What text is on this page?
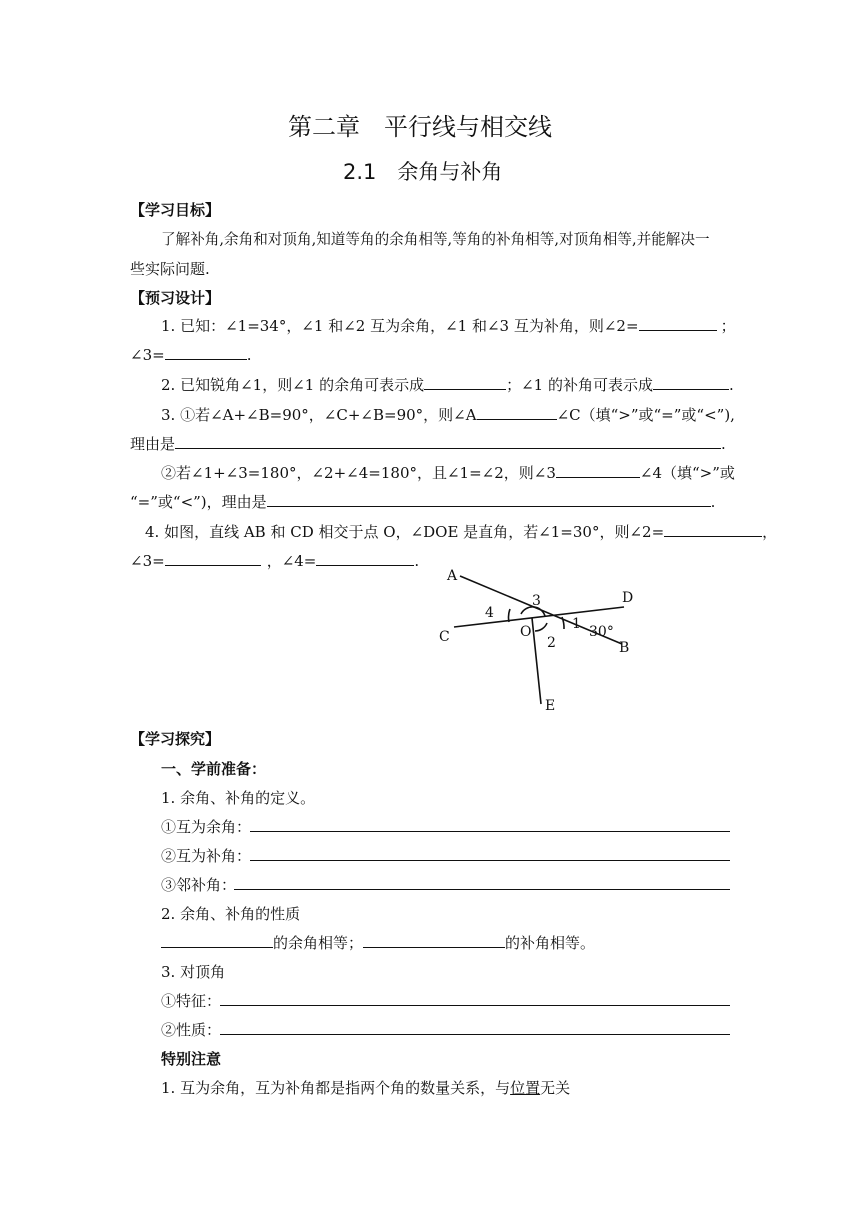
第二章　平行线与相交线
2.1　余角与补角
【学习目标】
了解补角,余角和对顶角,知道等角的余角相等,等角的补角相等,对顶角相等,并能解决一
些实际问题.
【预习设计】
1. 已知：∠1=34°，∠1 和∠2 互为余角，∠1 和∠3 互为补角，则∠2=	；
∠3=	.
2. 已知锐角∠1，则∠1 的余角可表示成	；∠1 的补角可表示成	.
3. ①若∠A+∠B=90°，∠C+∠B=90°，则∠A	∠C（填“>”或“=”或“<”),
理由是	.
②若∠1+∠3=180°，∠2+∠4=180°，且∠1=∠2，则∠3	∠4（填“>”或
“=”或“<”)，理由是	.
4. 如图，直线 AB 和 CD 相交于点 O，∠DOE 是直角，若∠1=30°，则∠2=	，
∠3=	，∠4=	.
A
C
D
B
E
O
3
4
2
1 30°
【学习探究】
一、学前准备：
1. 余角、补角的定义。
①互为余角：
②互为补角：
③邻补角：
2. 余角、补角的性质
的余角相等；	的补角相等。
3. 对顶角
①特征：
②性质：
特别注意
1. 互为余角，互为补角都是指两个角的数量关系，与位置无关
